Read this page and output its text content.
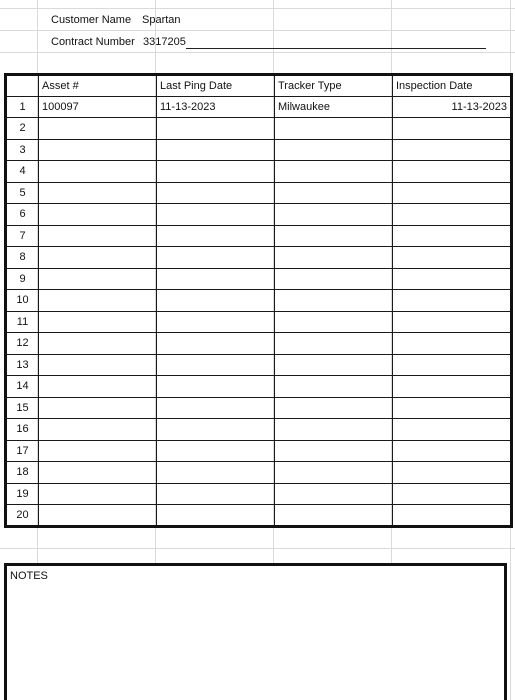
Customer Name Spartan
Contract Number 3317205
	Asset #	Last Ping Date	Tracker Type	Inspection Date
1	100097	11-13-2023	Milwaukee	11-13-2023
2				
3				
4				
5				
6				
7				
8				
9				
10				
11				
12				
13				
14				
15				
16				
17				
18				
19				
20				
NOTES
